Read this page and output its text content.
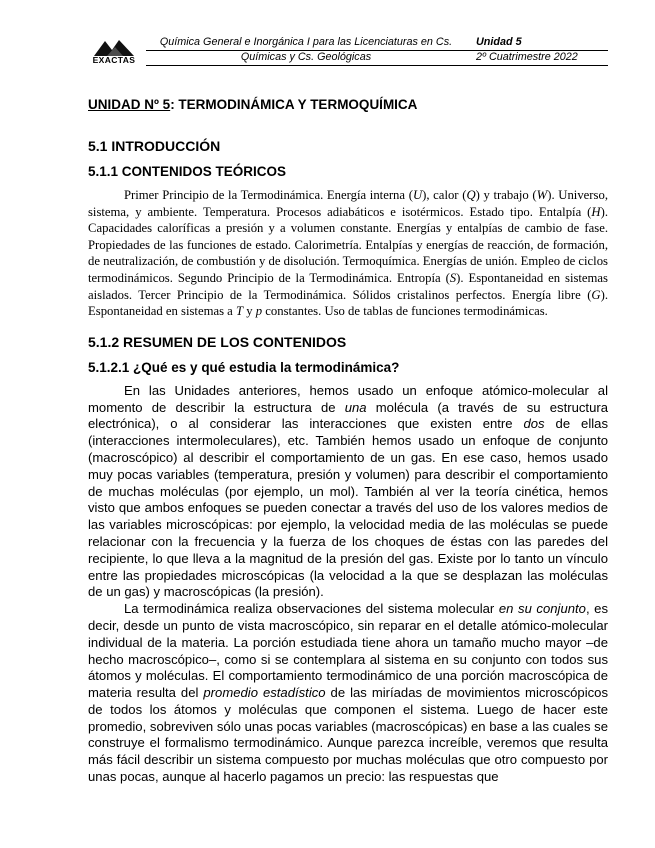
EXACTAS
Química General e Inorgánica I para las Licenciaturas en Cs.	Unidad 5
Químicas y Cs. Geológicas	2º Cuatrimestre 2022
UNIDAD Nº 5: TERMODINÁMICA Y TERMOQUÍMICA
5.1 INTRODUCCIÓN
5.1.1 CONTENIDOS TEÓRICOS

Primer Principio de la Termodinámica. Energía interna (U), calor (Q) y trabajo (W). Universo, sistema, y ambiente. Temperatura. Procesos adiabáticos e isotérmicos. Estado tipo. Entalpía (H). Capacidades caloríficas a presión y a volumen constante. Energías y entalpías de cambio de fase. Propiedades de las funciones de estado. Calorimetría. Entalpías y energías de reacción, de formación, de neutralización, de combustión y de disolución. Termoquímica. Energías de unión. Empleo de ciclos termodinámicos. Segundo Principio de la Termodinámica. Entropía (S). Espontaneidad en sistemas aislados. Tercer Principio de la Termodinámica. Sólidos cristalinos perfectos. Energía libre (G). Espontaneidad en sistemas a T y p constantes. Uso de tablas de funciones termodinámicas.

5.1.2 RESUMEN DE LOS CONTENIDOS
5.1.2.1 ¿Qué es y qué estudia la termodinámica?

En las Unidades anteriores, hemos usado un enfoque atómico-molecular al momento de describir la estructura de una molécula (a través de su estructura electrónica), o al considerar las interacciones que existen entre dos de ellas (interacciones intermoleculares), etc. También hemos usado un enfoque de conjunto (macroscópico) al describir el comportamiento de un gas. En ese caso, hemos usado muy pocas variables (temperatura, presión y volumen) para describir el comportamiento de muchas moléculas (por ejemplo, un mol). También al ver la teoría cinética, hemos visto que ambos enfoques se pueden conectar a través del uso de los valores medios de las variables microscópicas: por ejemplo, la velocidad media de las moléculas se puede relacionar con la frecuencia y la fuerza de los choques de éstas con las paredes del recipiente, lo que lleva a la magnitud de la presión del gas. Existe por lo tanto un vínculo entre las propiedades microscópicas (la velocidad a la que se desplazan las moléculas de un gas) y macroscópicas (la presión).

La termodinámica realiza observaciones del sistema molecular en su conjunto, es decir, desde un punto de vista macroscópico, sin reparar en el detalle atómico-molecular individual de la materia. La porción estudiada tiene ahora un tamaño mucho mayor –de hecho macroscópico–, como si se contemplara al sistema en su conjunto con todos sus átomos y moléculas. El comportamiento termodinámico de una porción macroscópica de materia resulta del promedio estadístico de las miríadas de movimientos microscópicos de todos los átomos y moléculas que componen el sistema. Luego de hacer este promedio, sobreviven sólo unas pocas variables (macroscópicas) en base a las cuales se construye el formalismo termodinámico. Aunque parezca increíble, veremos que resulta más fácil describir un sistema compuesto por muchas moléculas que otro compuesto por unas pocas, aunque al hacerlo pagamos un precio: las respuestas que
